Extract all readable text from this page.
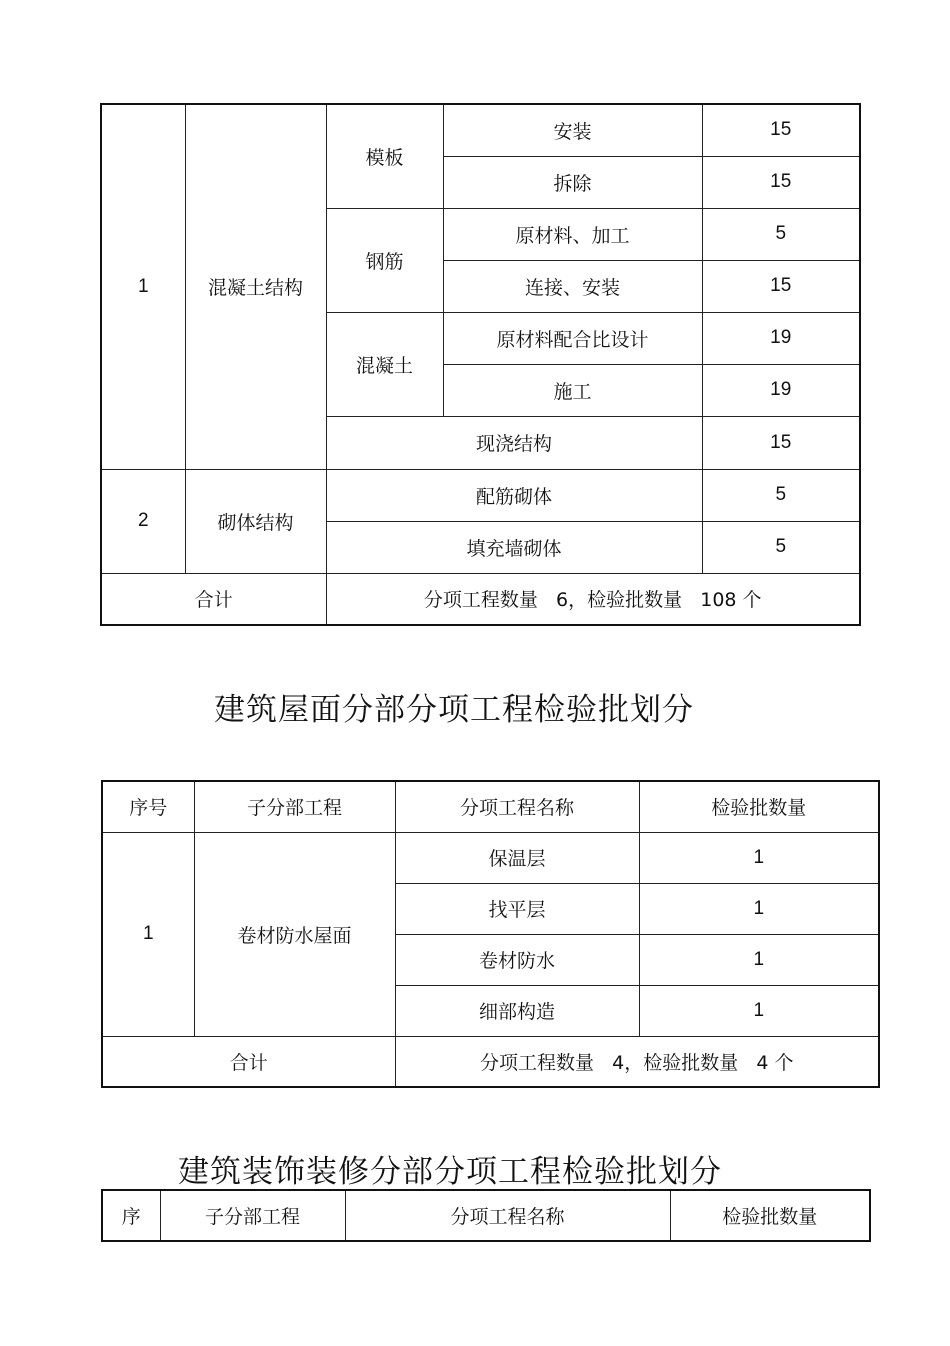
1	混凝土结构	模板	安装	15
			拆除	15
		钢筋	原材料、加工	5
			连接、安装	15
		混凝土	原材料配合比设计	19
			施工	19
		现浇结构		15
2	砌体结构	配筋砌体		5
		填充墙砌体		5
合计		分项工程数量   6，检验批数量   108 个		
建筑屋面分部分项工程检验批划分
序号	子分部工程	分项工程名称	检验批数量
1	卷材防水屋面	保温层	1
		找平层	1
		卷材防水	1
		细部构造	1
合计		分项工程数量   4，检验批数量   4 个	
建筑装饰装修分部分项工程检验批划分
序	子分部工程	分项工程名称	检验批数量
